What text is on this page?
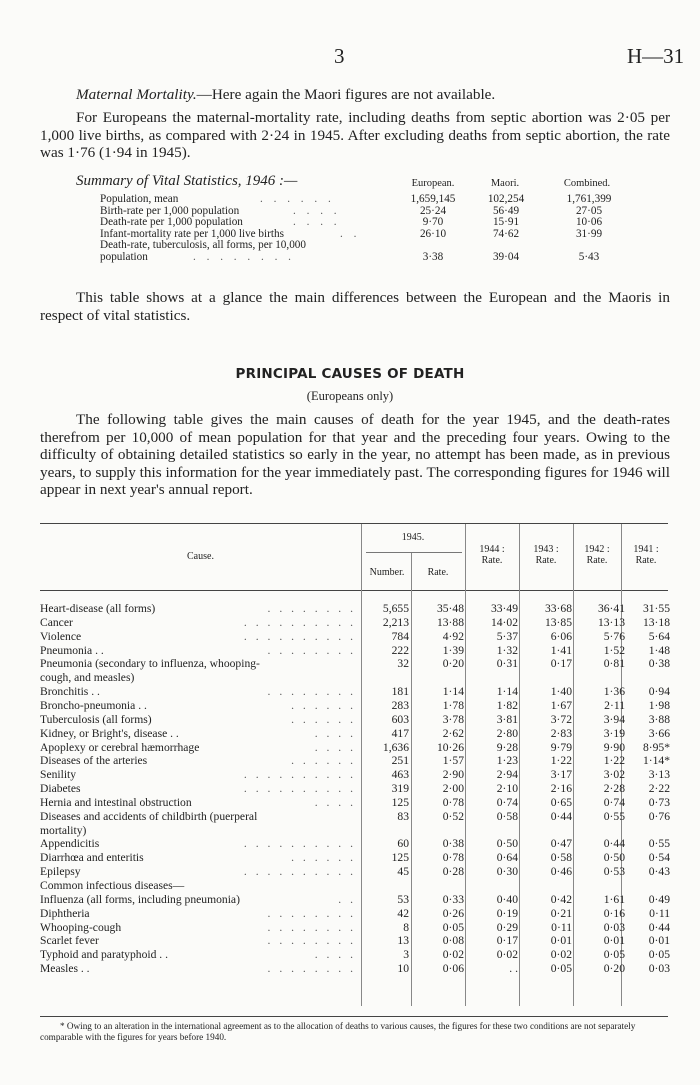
3	H—31
Maternal Mortality.—Here again the Maori figures are not available.
For Europeans the maternal-mortality rate, including deaths from septic abortion was 2·05 per 1,000 live births, as compared with 2·24 in 1945. After excluding deaths from septic abortion, the rate was 1·76 (1·94 in 1945).
Summary of Vital Statistics, 1946 :—	European.	Maori.	Combined.
Population, mean	. . . . . .	1,659,145	102,254	1,761,399
Birth-rate per 1,000 population	. . . .	25·24	56·49	27·05
Death-rate per 1,000 population	. . . .	9·70	15·91	10·06
Infant-mortality rate per 1,000 live births	. .	26·10	74·62	31·99
Death-rate, tuberculosis, all forms, per 10,000
population	. . . . . . . .	3·38	39·04	5·43
This table shows at a glance the main differences between the European and the Maoris in respect of vital statistics.
PRINCIPAL CAUSES OF DEATH
(Europeans only)
The following table gives the main causes of death for the year 1945, and the death-rates therefrom per 10,000 of mean population for that year and the preceding four years. Owing to the difficulty of obtaining detailed statistics so early in the year, no attempt has been made, as in previous years, to supply this information for the year immediately past. The corresponding figures for 1946 will appear in next year's annual report.
Cause.
1945.
Number.	Rate.
1944 :
Rate.
1943 :
Rate.
1942 :
Rate.
1941 :
Rate.
Heart-disease (all forms)	. . . . . . . .	5,655	35·48	33·49	33·68	36·41	31·55
Cancer	. . . . . . . . . .	2,213	13·88	14·02	13·85	13·13	13·18
Violence	. . . . . . . . . .	784	4·92	5·37	6·06	5·76	5·64
Pneumonia . .	. . . . . . . .	222	1·39	1·32	1·41	1·52	1·48
Pneumonia (secondary to influenza, whooping-	32	0·20	0·31	0·17	0·81	0·38
cough, and measles)
Bronchitis . .	. . . . . . . .	181	1·14	1·14	1·40	1·36	0·94
Broncho-pneumonia . .	. . . . . .	283	1·78	1·82	1·67	2·11	1·98
Tuberculosis (all forms)	. . . . . .	603	3·78	3·81	3·72	3·94	3·88
Kidney, or Bright's, disease . .	. . . .	417	2·62	2·80	2·83	3·19	3·66
Apoplexy or cerebral hæmorrhage	. . . .	1,636	10·26	9·28	9·79	9·90	8·95*
Diseases of the arteries	. . . . . .	251	1·57	1·23	1·22	1·22	1·14*
Senility	. . . . . . . . . .	463	2·90	2·94	3·17	3·02	3·13
Diabetes	. . . . . . . . . .	319	2·00	2·10	2·16	2·28	2·22
Hernia and intestinal obstruction	. . . .	125	0·78	0·74	0·65	0·74	0·73
Diseases and accidents of childbirth (puerperal	83	0·52	0·58	0·44	0·55	0·76
mortality)
Appendicitis	. . . . . . . . . .	60	0·38	0·50	0·47	0·44	0·55
Diarrhœa and enteritis	. . . . . .	125	0·78	0·64	0·58	0·50	0·54
Epilepsy	. . . . . . . . . .	45	0·28	0·30	0·46	0·53	0·43
Common infectious diseases—
Influenza (all forms, including pneumonia)	. .	53	0·33	0·40	0·42	1·61	0·49
Diphtheria	. . . . . . . .	42	0·26	0·19	0·21	0·16	0·11
Whooping-cough	. . . . . . . .	8	0·05	0·29	0·11	0·03	0·44
Scarlet fever	. . . . . . . .	13	0·08	0·17	0·01	0·01	0·01
Typhoid and paratyphoid . .	. . . .	3	0·02	0·02	0·02	0·05	0·05
Measles . .	. . . . . . . .	10	0·06	. .	0·05	0·20	0·03
* Owing to an alteration in the international agreement as to the allocation of deaths to various causes, the figures for these two conditions are not separately comparable with the figures for years before 1940.
